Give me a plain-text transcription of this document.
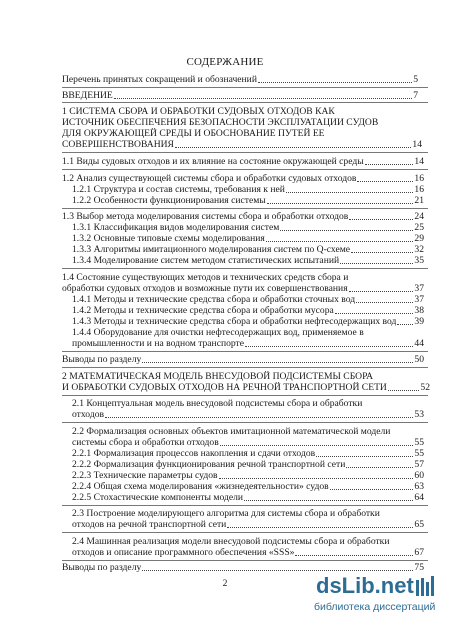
СОДЕРЖАНИЕ
Перечень принятых сокращений и обозначений	5
ВВЕДЕНИЕ	7
1 СИСТЕМА СБОРА И ОБРАБОТКИ СУДОВЫХ ОТХОДОВ КАК
ИСТОЧНИК ОБЕСПЕЧЕНИЯ БЕЗОПАСНОСТИ ЭКСПЛУАТАЦИИ СУДОВ
ДЛЯ ОКРУЖАЮЩЕЙ СРЕДЫ И ОБОСНОВАНИЕ ПУТЕЙ ЕЕ
СОВЕРШЕНСТВОВАНИЯ	14
1.1 Виды судовых отходов и их влияние на состояние окружающей среды	14
1.2 Анализ существующей системы сбора и обработки судовых отходов	16
1.2.1 Структура и состав системы, требования к ней	16
1.2.2 Особенности функционирования системы	21
1.3 Выбор метода моделирования системы сбора и обработки отходов	24
1.3.1 Классификация видов моделирования систем	25
1.3.2 Основные типовые схемы моделирования	29
1.3.3 Алгоритмы имитационного моделирования систем по Q-схеме	32
1.3.4 Моделирование систем методом статистических испытаний	35
1.4 Состояние существующих методов и технических средств сбора и
обработки судовых отходов и возможные пути их совершенствования	37
1.4.1 Методы и технические средства сбора и обработки сточных вод	37
1.4.2 Методы и технические средства сбора и обработки мусора	38
1.4.3 Методы и технические средства сбора и обработки нефтесодержащих вод 39
1.4.4 Оборудование для очистки нефтесодержащих вод, применяемое в
промышленности и на водном транспорте	44
Выводы по разделу	50
2 МАТЕМАТИЧЕСКАЯ МОДЕЛЬ ВНЕСУДОВОЙ ПОДСИСТЕМЫ СБОРА
И ОБРАБОТКИ СУДОВЫХ ОТХОДОВ НА РЕЧНОЙ ТРАНСПОРТНОЙ СЕТИ	52
2.1 Концептуальная модель внесудовой подсистемы сбора и обработки
отходов	53
2.2 Формализация основных объектов имитационной математической модели
системы сбора и обработки отходов	55
2.2.1 Формализация процессов накопления и сдачи отходов	55
2.2.2 Формализация функционирования речной транспортной сети	57
2.2.3 Технические параметры судов	60
2.2.4 Общая схема моделирования «жизнедеятельности» судов	63
2.2.5 Стохастические компоненты модели	64
2.3 Построение моделирующего алгоритма для системы сбора и обработки
отходов на речной транспортной сети	65
2.4 Машинная реализация модели внесудовой подсистемы сбора и обработки
отходов и описание программного обеспечения «SSS»	67
Выводы по разделу	75
2	dsLib.net
библиотека диссертаций
